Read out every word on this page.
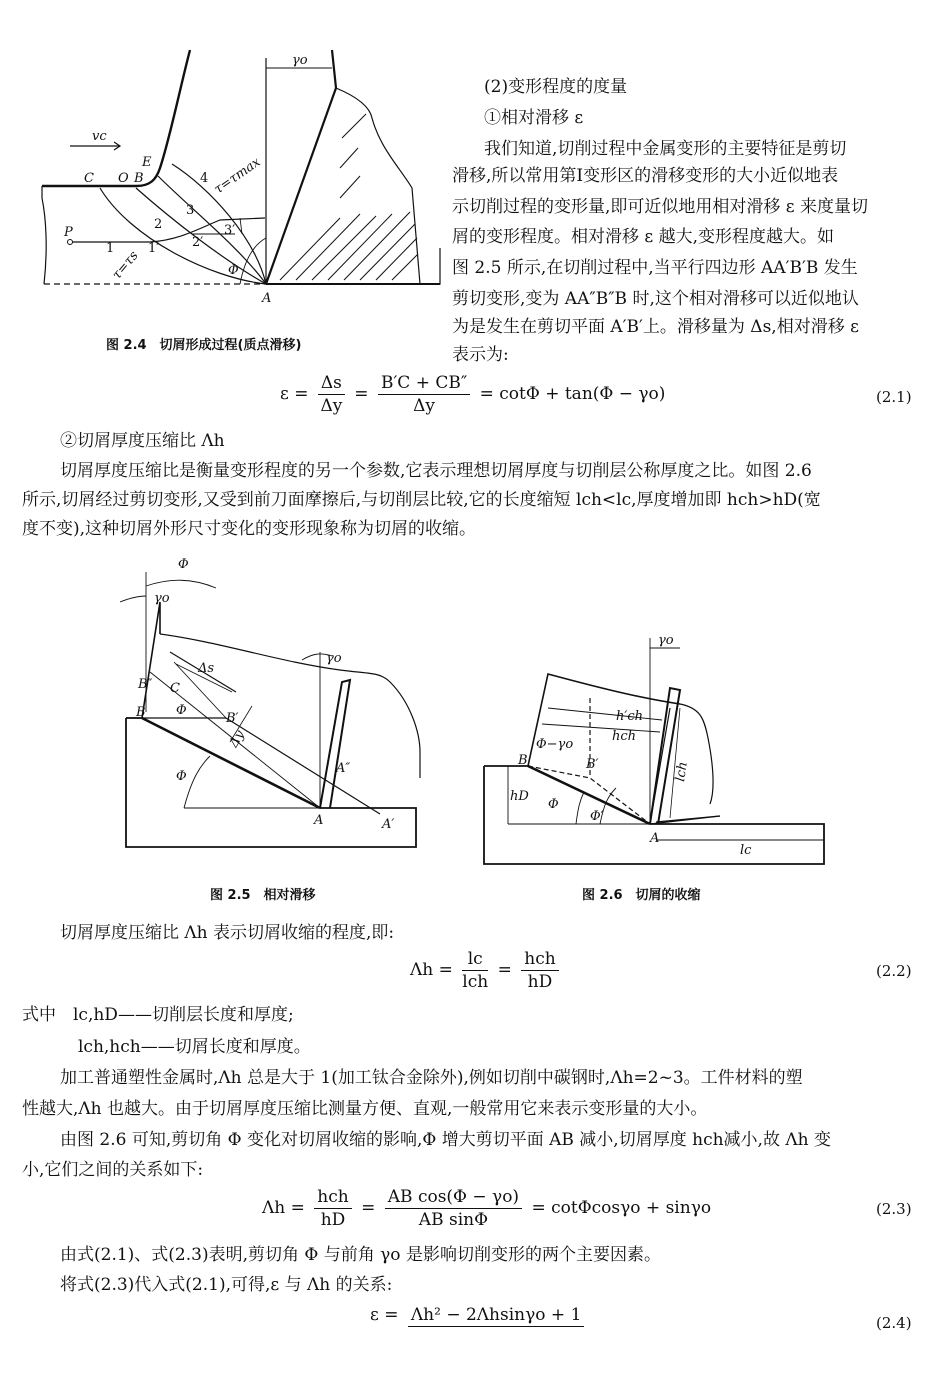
vc
C O B
E
P
A
Φ
1	1′
2
2′
3
3′
4
γo
τ=τs
τ=τmax
图 2.4　切屑形成过程(质点滑移)
(2)变形程度的度量
①相对滑移 ε
我们知道,切削过程中金属变形的主要特征是剪切
滑移,所以常用第Ⅰ变形区的滑移变形的大小近似地表
示切削过程的变形量,即可近似地用相对滑移 ε 来度量切
屑的变形程度。相对滑移 ε 越大,变形程度越大。如
图 2.5 所示,在切削过程中,当平行四边形 AA′B′B 发生
剪切变形,变为 AA″B″B 时,这个相对滑移可以近似地认
为是发生在剪切平面 A′B′上。滑移量为 Δs,相对滑移 ε
表示为:
$\varepsilon = \frac{\Delta s}{\Delta y} = \frac{B'C + CB''}{\Delta y} = \cot\Phi + \tan(\Phi - \gamma o)$	(2.1)
②切屑厚度压缩比 Λh
切屑厚度压缩比是衡量变形程度的另一个参数,它表示理想切屑厚度与切削层公称厚度之比。如图 2.6
所示,切屑经过剪切变形,又受到前刀面摩擦后,与切削层比较,它的长度缩短 lch<lc,厚度增加即 hch>hD(宽
度不变),这种切屑外形尺寸变化的变形现象称为切屑的收缩。
Φ
γo
γo
B″ C
B Φ
B′
Δs
Δy
Φ
A″
A	A′
图 2.5　相对滑移
γo
h′ch
hch
Φ−γo
B	B′	lch
hD
Φ
Φ′
A
lc
图 2.6　切屑的收缩
切屑厚度压缩比 Λh 表示切屑收缩的程度,即:
$\Lambda h = \frac{lc}{\text{lch}} = \frac{\text{hch}}{hD}$	(2.2)
式中　lc,hD——切削层长度和厚度;
lch,hch——切屑长度和厚度。
加工普通塑性金属时,Λh 总是大于 1(加工钛合金除外),例如切削中碳钢时,Λh=2~3。工件材料的塑
性越大,Λh 也越大。由于切屑厚度压缩比测量方便、直观,一般常用它来表示变形量的大小。
由图 2.6 可知,剪切角 Φ 变化对切屑收缩的影响,Φ 增大剪切平面 AB 减小,切屑厚度 hch减小,故 Λh 变
小,它们之间的关系如下:
$\Lambda h = \frac{\text{hch}}{hD} = \frac{\text{AB cos(Φ − γo)}}{\text{AB sinΦ}} = \cot\Phi\cos\gamma o + \sin\gamma o$	(2.3)
由式(2.1)、式(2.3)表明,剪切角 Φ 与前角 γo 是影响切削变形的两个主要因素。
将式(2.3)代入式(2.1),可得,ε 与 Λh 的关系:
ε = Λh² − 2Λhsinγo + 1	(2.4)
